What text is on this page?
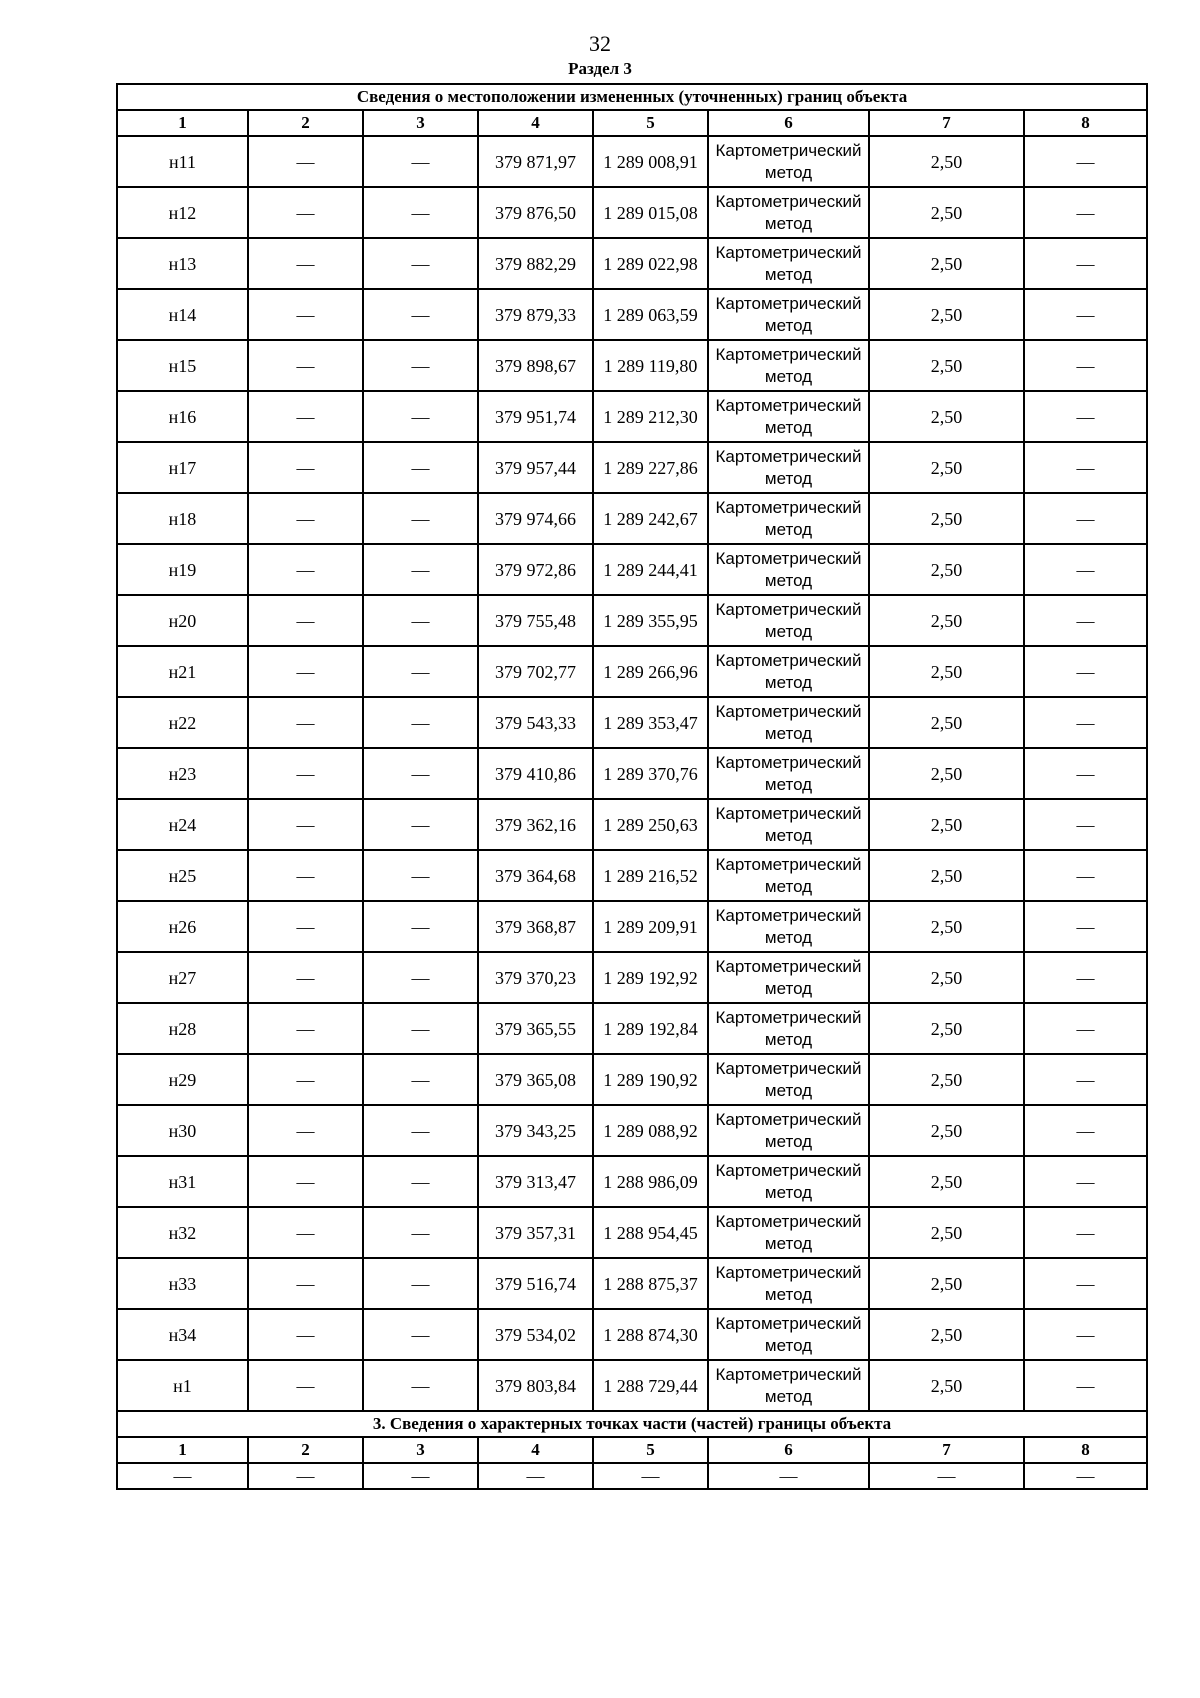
32
Раздел 3
Сведения о местоположении измененных (уточненных) границ объекта							
1	2	3	4	5	6	7	8
н11	—	—	379 871,97	1 289 008,91	Картометрический метод	2,50	—
н12	—	—	379 876,50	1 289 015,08	Картометрический метод	2,50	—
н13	—	—	379 882,29	1 289 022,98	Картометрический метод	2,50	—
н14	—	—	379 879,33	1 289 063,59	Картометрический метод	2,50	—
н15	—	—	379 898,67	1 289 119,80	Картометрический метод	2,50	—
н16	—	—	379 951,74	1 289 212,30	Картометрический метод	2,50	—
н17	—	—	379 957,44	1 289 227,86	Картометрический метод	2,50	—
н18	—	—	379 974,66	1 289 242,67	Картометрический метод	2,50	—
н19	—	—	379 972,86	1 289 244,41	Картометрический метод	2,50	—
н20	—	—	379 755,48	1 289 355,95	Картометрический метод	2,50	—
н21	—	—	379 702,77	1 289 266,96	Картометрический метод	2,50	—
н22	—	—	379 543,33	1 289 353,47	Картометрический метод	2,50	—
н23	—	—	379 410,86	1 289 370,76	Картометрический метод	2,50	—
н24	—	—	379 362,16	1 289 250,63	Картометрический метод	2,50	—
н25	—	—	379 364,68	1 289 216,52	Картометрический метод	2,50	—
н26	—	—	379 368,87	1 289 209,91	Картометрический метод	2,50	—
н27	—	—	379 370,23	1 289 192,92	Картометрический метод	2,50	—
н28	—	—	379 365,55	1 289 192,84	Картометрический метод	2,50	—
н29	—	—	379 365,08	1 289 190,92	Картометрический метод	2,50	—
н30	—	—	379 343,25	1 289 088,92	Картометрический метод	2,50	—
н31	—	—	379 313,47	1 288 986,09	Картометрический метод	2,50	—
н32	—	—	379 357,31	1 288 954,45	Картометрический метод	2,50	—
н33	—	—	379 516,74	1 288 875,37	Картометрический метод	2,50	—
н34	—	—	379 534,02	1 288 874,30	Картометрический метод	2,50	—
н1	—	—	379 803,84	1 288 729,44	Картометрический метод	2,50	—
3. Сведения о характерных точках части (частей) границы объекта							
1	2	3	4	5	6	7	8
—	—	—	—	—	—	—	—
